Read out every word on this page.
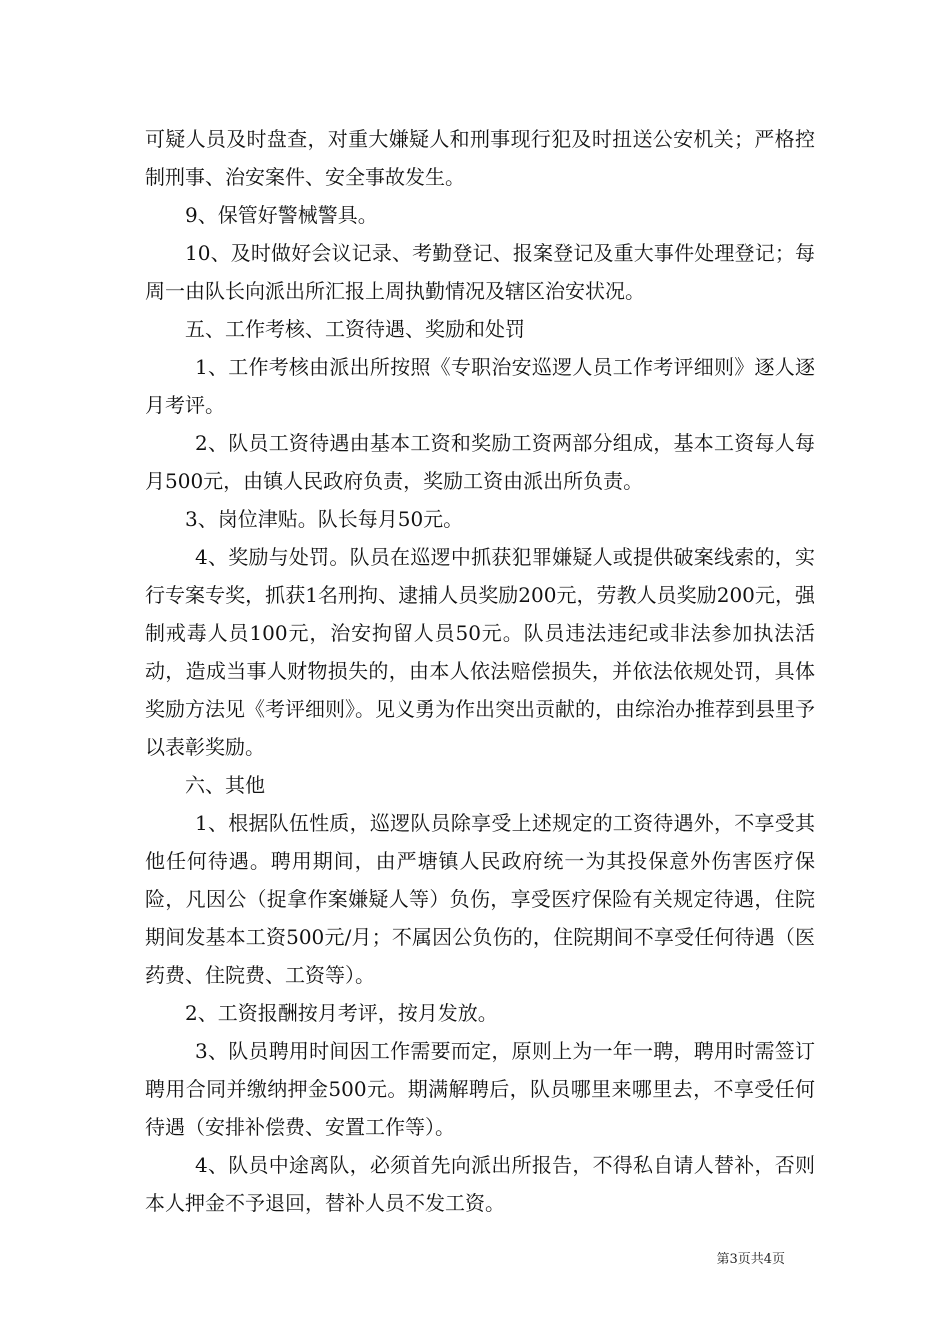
可疑人员及时盘查，对重大嫌疑人和刑事现行犯及时扭送公安机关；严格控制刑事、治安案件、安全事故发生。

9、保管好警械警具。

10、及时做好会议记录、考勤登记、报案登记及重大事件处理登记；每周一由队长向派出所汇报上周执勤情况及辖区治安状况。

五、工作考核、工资待遇、奖励和处罚

1、工作考核由派出所按照《专职治安巡逻人员工作考评细则》逐人逐月考评。

2、队员工资待遇由基本工资和奖励工资两部分组成，基本工资每人每月500元，由镇人民政府负责，奖励工资由派出所负责。

3、岗位津贴。队长每月50元。

4、奖励与处罚。队员在巡逻中抓获犯罪嫌疑人或提供破案线索的，实行专案专奖，抓获1名刑拘、逮捕人员奖励200元，劳教人员奖励200元，强制戒毒人员100元，治安拘留人员50元。队员违法违纪或非法参加执法活动，造成当事人财物损失的，由本人依法赔偿损失，并依法依规处罚，具体奖励方法见《考评细则》。见义勇为作出突出贡献的，由综治办推荐到县里予以表彰奖励。

六、其他

1、根据队伍性质，巡逻队员除享受上述规定的工资待遇外，不享受其他任何待遇。聘用期间，由严塘镇人民政府统一为其投保意外伤害医疗保险，凡因公（捉拿作案嫌疑人等）负伤，享受医疗保险有关规定待遇，住院期间发基本工资500元/月；不属因公负伤的，住院期间不享受任何待遇（医药费、住院费、工资等）。

2、工资报酬按月考评，按月发放。

3、队员聘用时间因工作需要而定，原则上为一年一聘，聘用时需签订聘用合同并缴纳押金500元。期满解聘后，队员哪里来哪里去，不享受任何待遇（安排补偿费、安置工作等）。

4、队员中途离队，必须首先向派出所报告，不得私自请人替补，否则本人押金不予退回，替补人员不发工资。

第3页共4页
